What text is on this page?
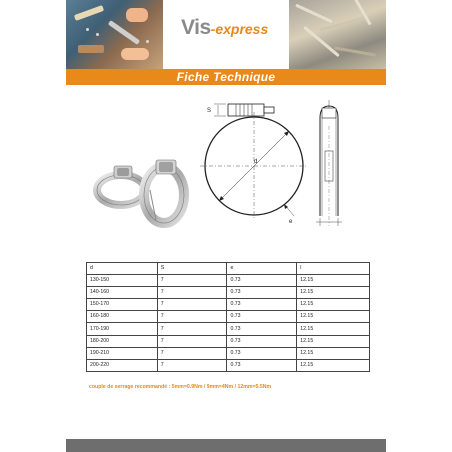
Vis-express
Fiche Technique
S
d
e
d	S	e	l
130-150	7	0.73	12.15
140-160	7	0.73	12.15
150-170	7	0.73	12.15
160-180	7	0.73	12.15
170-190	7	0.73	12.15
180-200	7	0.73	12.15
190-210	7	0.73	12.15
200-220	7	0.73	12.15
couple de serrage recommandé : 5mm=0.9Nm / 9mm=4Nm / 12mm=5.5Nm
